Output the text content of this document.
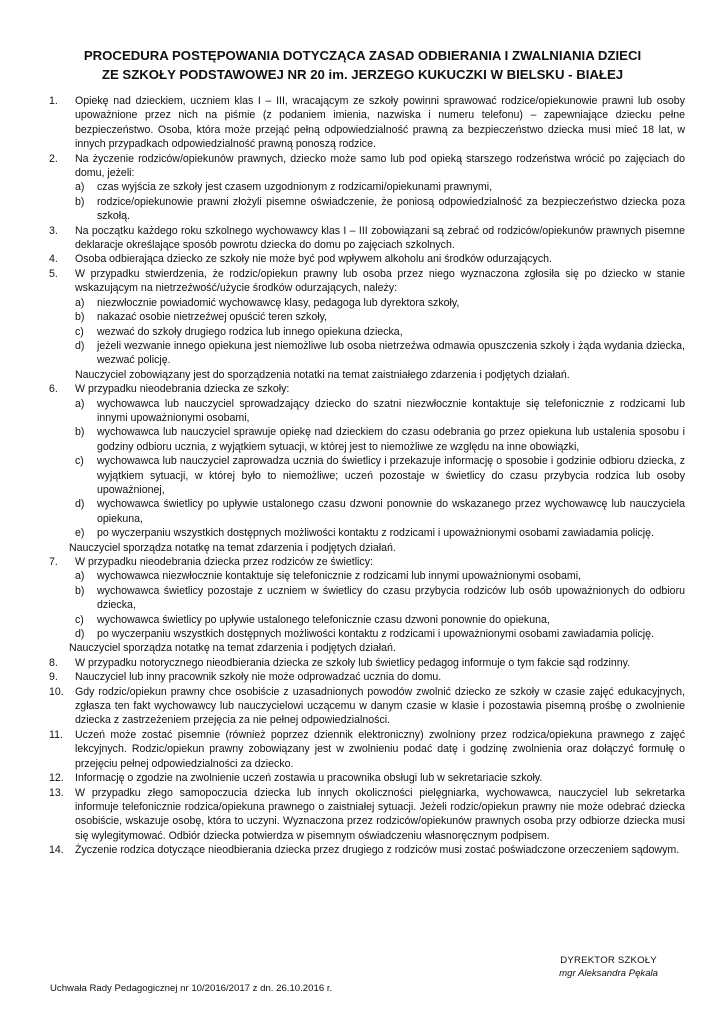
PROCEDURA POSTĘPOWANIA DOTYCZĄCA ZASAD ODBIERANIA I ZWALNIANIA DZIECI
ZE SZKOŁY PODSTAWOWEJ NR 20 im. JERZEGO KUKUCZKI W BIELSKU - BIAŁEJ
1. Opiekę nad dzieckiem, uczniem klas I – III, wracającym ze szkoły powinni sprawować rodzice/opiekunowie prawni lub osoby upoważnione przez nich na piśmie (z podaniem imienia, nazwiska i numeru telefonu) – zapewniające dziecku pełne bezpieczeństwo. Osoba, która może przejąć pełną odpowiedzialność prawną za bezpieczeństwo dziecka musi mieć 18 lat, w innych przypadkach odpowiedzialność prawną ponoszą rodzice.
2. Na życzenie rodziców/opiekunów prawnych, dziecko może samo lub pod opieką starszego rodzeństwa wrócić po zajęciach do domu, jeżeli:
a) czas wyjścia ze szkoły jest czasem uzgodnionym z rodzicami/opiekunami prawnymi,
b) rodzice/opiekunowie prawni złożyli pisemne oświadczenie, że poniosą odpowiedzialność za bezpieczeństwo dziecka poza szkołą.
3. Na początku każdego roku szkolnego wychowawcy klas I – III zobowiązani są zebrać od rodziców/opiekunów prawnych pisemne deklaracje określające sposób powrotu dziecka do domu po zajęciach szkolnych.
4. Osoba odbierająca dziecko ze szkoły nie może być pod wpływem alkoholu ani środków odurzających.
5. W przypadku stwierdzenia, że rodzic/opiekun prawny lub osoba przez niego wyznaczona zgłosiła się po dziecko w stanie wskazującym na nietrzeźwość/użycie środków odurzających, należy:
a) niezwłocznie powiadomić wychowawcę klasy, pedagoga lub dyrektora szkoły,
b) nakazać osobie nietrzeźwej opuścić teren szkoły,
c) wezwać do szkoły drugiego rodzica lub innego opiekuna dziecka,
d) jeżeli wezwanie innego opiekuna jest niemożliwe lub osoba nietrzeźwa odmawia opuszczenia szkoły i żąda wydania dziecka, wezwać policję.
Nauczyciel zobowiązany jest do sporządzenia notatki na temat zaistniałego zdarzenia i podjętych działań.
6. W przypadku nieodebrania dziecka ze szkoły:
a) wychowawca lub nauczyciel sprowadzający dziecko do szatni niezwłocznie kontaktuje się telefonicznie z rodzicami lub innymi upoważnionymi osobami,
b) wychowawca lub nauczyciel sprawuje opiekę nad dzieckiem do czasu odebrania go przez opiekuna lub ustalenia sposobu i godziny odbioru ucznia, z wyjątkiem sytuacji, w której jest to niemożliwe ze względu na inne obowiązki,
c) wychowawca lub nauczyciel zaprowadza ucznia do świetlicy i przekazuje informację o sposobie i godzinie odbioru dziecka, z wyjątkiem sytuacji, w której było to niemożliwe; uczeń pozostaje w świetlicy do czasu przybycia rodzica lub osoby upoważnionej,
d) wychowawca świetlicy po upływie ustalonego czasu dzwoni ponownie do wskazanego przez wychowawcę lub nauczyciela opiekuna,
e) po wyczerpaniu wszystkich dostępnych możliwości kontaktu z rodzicami i upoważnionymi osobami zawiadamia policję.
Nauczyciel sporządza notatkę na temat zdarzenia i podjętych działań.
7. W przypadku nieodebrania dziecka przez rodziców ze świetlicy:
a) wychowawca niezwłocznie kontaktuje się telefonicznie z rodzicami lub innymi upoważnionymi osobami,
b) wychowawca świetlicy pozostaje z uczniem w świetlicy do czasu przybycia rodziców lub osób upoważnionych do odbioru dziecka,
c) wychowawca świetlicy po upływie ustalonego telefonicznie czasu dzwoni ponownie do opiekuna,
d) po wyczerpaniu wszystkich dostępnych możliwości kontaktu z rodzicami i upoważnionymi osobami zawiadamia policję.
Nauczyciel sporządza notatkę na temat zdarzenia i podjętych działań.
8. W przypadku notorycznego nieodbierania dziecka ze szkoły lub świetlicy pedagog informuje o tym fakcie sąd rodzinny.
9. Nauczyciel lub inny pracownik szkoły nie może odprowadzać ucznia do domu.
10. Gdy rodzic/opiekun prawny chce osobiście z uzasadnionych powodów zwolnić dziecko ze szkoły w czasie zajęć edukacyjnych, zgłasza ten fakt wychowawcy lub nauczycielowi uczącemu w danym czasie w klasie i pozostawia pisemną prośbę o zwolnienie dziecka z zastrzeżeniem przejęcia za nie pełnej odpowiedzialności.
11. Uczeń może zostać pisemnie (również poprzez dziennik elektroniczny) zwolniony przez rodzica/opiekuna prawnego z zajęć lekcyjnych. Rodzic/opiekun prawny zobowiązany jest w zwolnieniu podać datę i godzinę zwolnienia oraz dołączyć formułę o przejęciu pełnej odpowiedzialności za dziecko.
12. Informację o zgodzie na zwolnienie uczeń zostawia u pracownika obsługi lub w sekretariacie szkoły.
13. W przypadku złego samopoczucia dziecka lub innych okoliczności pielęgniarka, wychowawca, nauczyciel lub sekretarka informuje telefonicznie rodzica/opiekuna prawnego o zaistniałej sytuacji. Jeżeli rodzic/opiekun prawny nie może odebrać dziecka osobiście, wskazuje osobę, która to uczyni. Wyznaczona przez rodziców/opiekunów prawnych osoba przy odbiorze dziecka musi się wylegitymować. Odbiór dziecka potwierdza w pisemnym oświadczeniu własnoręcznym podpisem.
14. Życzenie rodzica dotyczące nieodbierania dziecka przez drugiego z rodziców musi zostać poświadczone orzeczeniem sądowym.
DYREKTOR SZKOŁY
mgr Aleksandra Pękala
Uchwała Rady Pedagogicznej nr 10/2016/2017 z dn. 26.10.2016 r.
